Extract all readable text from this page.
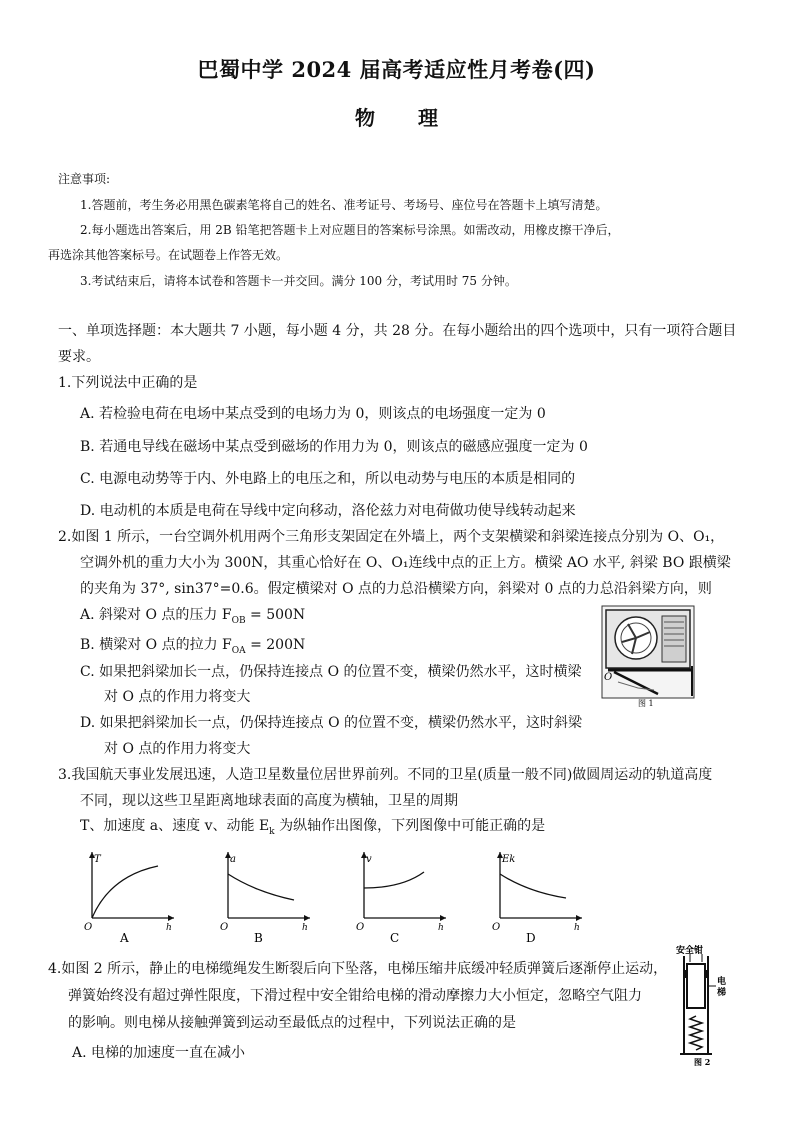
巴蜀中学 2024 届高考适应性月考卷(四)
物 理
注意事项:
1.答题前，考生务必用黑色碳素笔将自己的姓名、准考证号、考场号、座位号在答题卡上填写清楚。
2.每小题选出答案后，用 2B 铅笔把答题卡上对应题目的答案标号涂黑。如需改动，用橡皮擦干净后，
再选涂其他答案标号。在试题卷上作答无效。
3.考试结束后，请将本试卷和答题卡一并交回。满分 100 分，考试用时 75 分钟。
一、单项选择题：本大题共 7 小题，每小题 4 分，共 28 分。在每小题给出的四个选项中，只有一项符合题目
要求。
1.下列说法中正确的是
A. 若检验电荷在电场中某点受到的电场力为 0，则该点的电场强度一定为 0
B. 若通电导线在磁场中某点受到磁场的作用力为 0，则该点的磁感应强度一定为 0
C. 电源电动势等于内、外电路上的电压之和，所以电动势与电压的本质是相同的
D. 电动机的本质是电荷在导线中定向移动，洛伦兹力对电荷做功使导线转动起来
2.如图 1 所示，一台空调外机用两个三角形支架固定在外墙上，两个支架横梁和斜梁连接点分别为 O、O₁，
空调外机的重力大小为 300N，其重心恰好在 O、O₁连线中点的正上方。横梁 AO 水平, 斜梁 BO 跟横梁
的夹角为 37°, sin37°=0.6。假定横梁对 O 点的力总沿横梁方向，斜梁对 0 点的力总沿斜梁方向，则
A. 斜梁对 O 点的压力 $F_{OB} = 500N$
B. 横梁对 O 点的拉力 $F_{OA} = 200N$
C. 如果把斜梁加长一点，仍保持连接点 O 的位置不变，横梁仍然水平，这时横梁
对 O 点的作用力将变大
D. 如果把斜梁加长一点，仍保持连接点 O 的位置不变，横梁仍然水平，这时斜梁
对 O 点的作用力将变大
O
图 1
3.我国航天事业发展迅速，人造卫星数量位居世界前列。不同的卫星(质量一般不同)做圆周运动的轨道高度
不同，现以这些卫星距离地球表面的高度为横轴，卫星的周期
T、加速度 a、速度 v、动能 $E_k$ 为纵轴作出图像，下列图像中可能正确的是
T
h
O
A
a
h
O
B
v
h
O
C
Ek
h
O
D
4.如图 2 所示，静止的电梯缆绳发生断裂后向下坠落，电梯压缩井底缓冲轻质弹簧后逐渐停止运动，
弹簧始终没有超过弹性限度，下滑过程中安全钳给电梯的滑动摩擦力大小恒定，忽略空气阻力
的影响。则电梯从接触弹簧到运动至最低点的过程中，下列说法正确的是
A. 电梯的加速度一直在减小
安全钳
电
梯
图 2
